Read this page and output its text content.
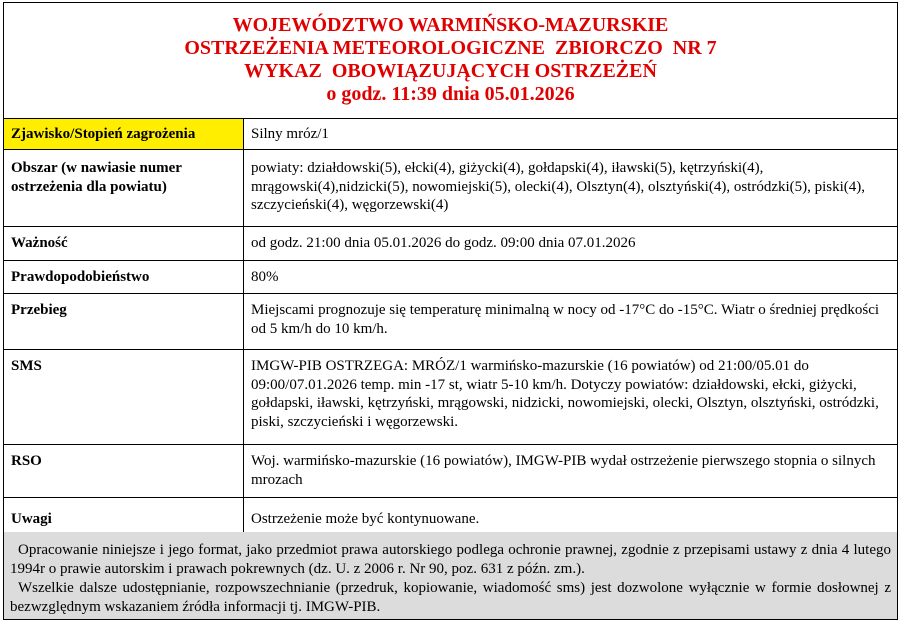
WOJEWÓDZTWO WARMIŃSKO-MAZURSKIE
OSTRZEŻENIA METEOROLOGICZNE  ZBIORCZO  NR 7
WYKAZ  OBOWIĄZUJĄCYCH OSTRZEŻEŃ
o godz. 11:39 dnia 05.01.2026
Zjawisko/Stopień zagrożenia	Silny mróz/1
Obszar (w nawiasie numer ostrzeżenia dla powiatu)	powiaty: działdowski(5), ełcki(4), giżycki(4), gołdapski(4), iławski(5), kętrzyński(4), mrągowski(4),nidzicki(5), nowomiejski(5), olecki(4), Olsztyn(4), olsztyński(4), ostródzki(5), piski(4), szczycieński(4), węgorzewski(4)
Ważność	od godz. 21:00 dnia 05.01.2026 do godz. 09:00 dnia 07.01.2026
Prawdopodobieństwo	80%
Przebieg	Miejscami prognozuje się temperaturę minimalną w nocy od -17°C do -15°C. Wiatr o średniej prędkości od 5 km/h do 10 km/h.
SMS	IMGW-PIB OSTRZEGA: MRÓZ/1 warmińsko-mazurskie (16 powiatów) od 21:00/05.01 do 09:00/07.01.2026 temp. min -17 st, wiatr 5-10 km/h. Dotyczy powiatów: działdowski, ełcki, giżycki, gołdapski, iławski, kętrzyński, mrągowski, nidzicki, nowomiejski, olecki, Olsztyn, olsztyński, ostródzki, piski, szczycieński i węgorzewski.
RSO	Woj. warmińsko-mazurskie (16 powiatów), IMGW-PIB wydał ostrzeżenie pierwszego stopnia o silnych mrozach
Uwagi	Ostrzeżenie może być kontynuowane.

Opracowanie niniejsze i jego format, jako przedmiot prawa autorskiego podlega ochronie prawnej, zgodnie z przepisami ustawy z dnia 4 lutego 1994r o prawie autorskim i prawach pokrewnych (dz. U. z 2006 r. Nr 90, poz. 631 z późn. zm.).

Wszelkie dalsze udostępnianie, rozpowszechnianie (przedruk, kopiowanie, wiadomość sms) jest dozwolone wyłącznie w formie dosłownej z bezwzględnym wskazaniem źródła informacji tj. IMGW-PIB.
